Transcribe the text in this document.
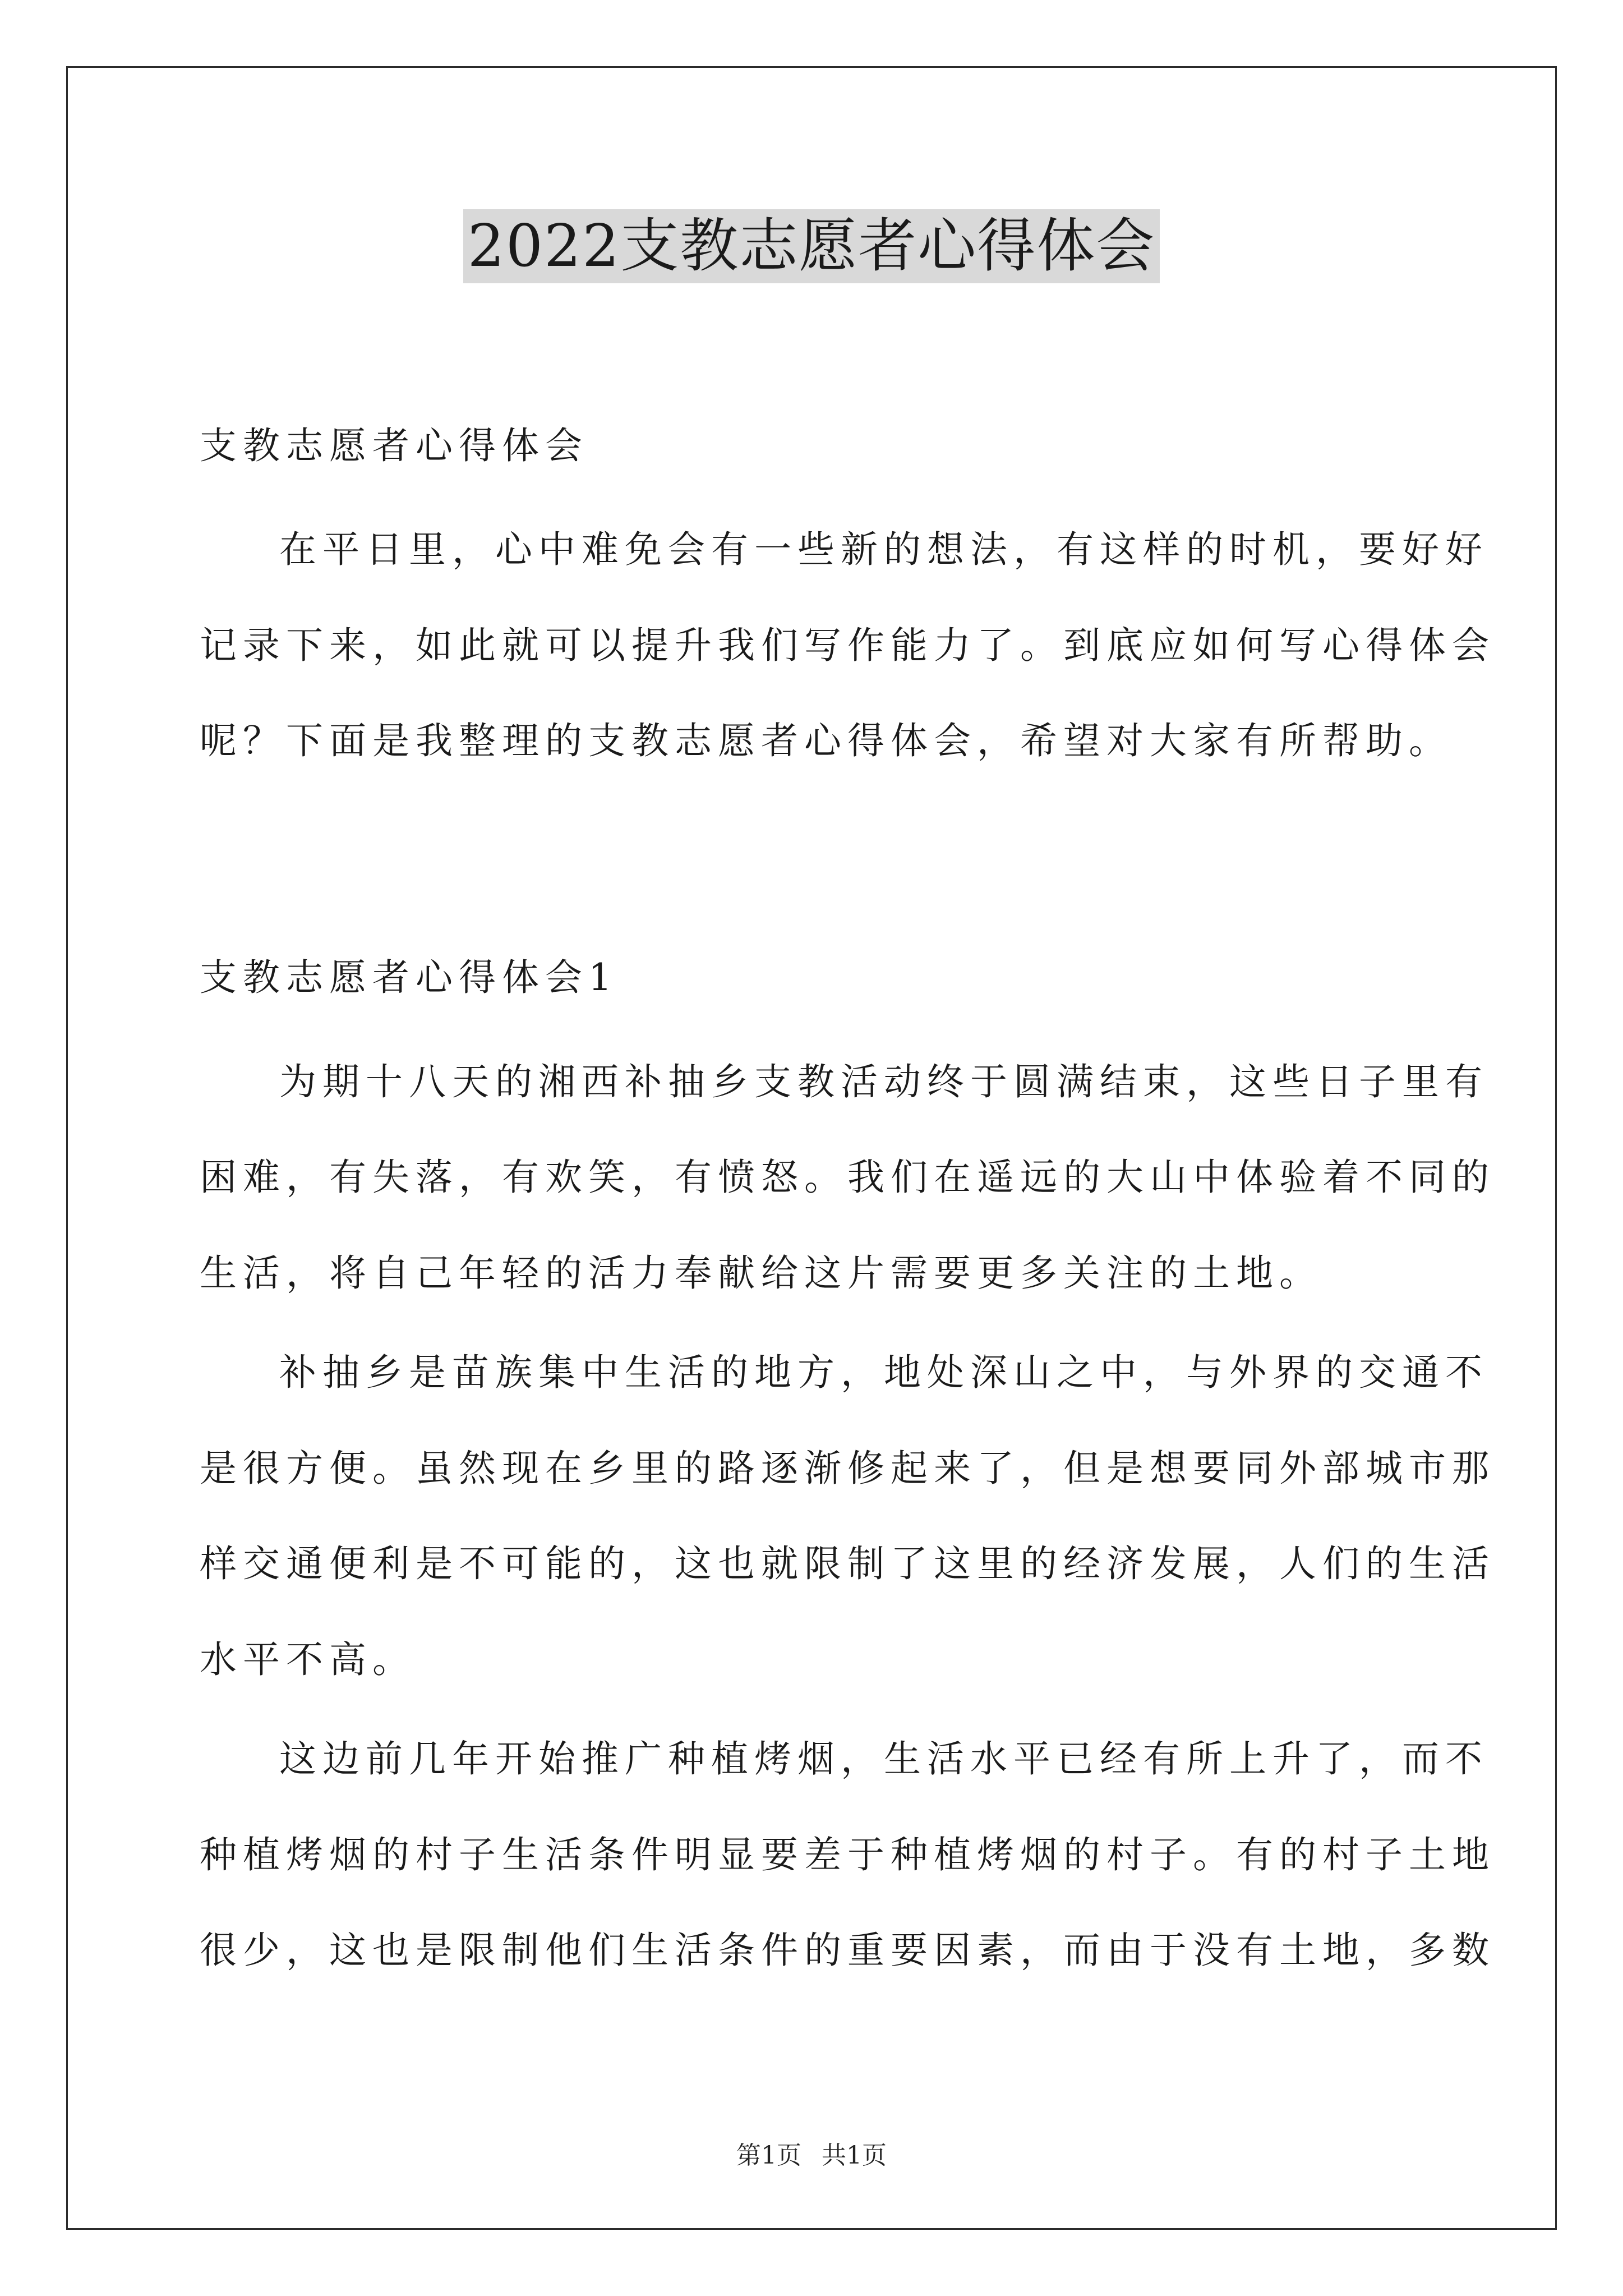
2022支教志愿者心得体会
支教志愿者心得体会
在平日里，心中难免会有一些新的想法，有这样的时机，要好好
记录下来，如此就可以提升我们写作能力了。到底应如何写心得体会
呢？下面是我整理的支教志愿者心得体会，希望对大家有所帮助。
支教志愿者心得体会1
为期十八天的湘西补抽乡支教活动终于圆满结束，这些日子里有
困难，有失落，有欢笑，有愤怒。我们在遥远的大山中体验着不同的
生活，将自己年轻的活力奉献给这片需要更多关注的土地。
补抽乡是苗族集中生活的地方，地处深山之中，与外界的交通不
是很方便。虽然现在乡里的路逐渐修起来了，但是想要同外部城市那
样交通便利是不可能的，这也就限制了这里的经济发展，人们的生活
水平不高。
这边前几年开始推广种植烤烟，生活水平已经有所上升了，而不
种植烤烟的村子生活条件明显要差于种植烤烟的村子。有的村子土地
很少，这也是限制他们生活条件的重要因素，而由于没有土地，多数
第1页 共1页
